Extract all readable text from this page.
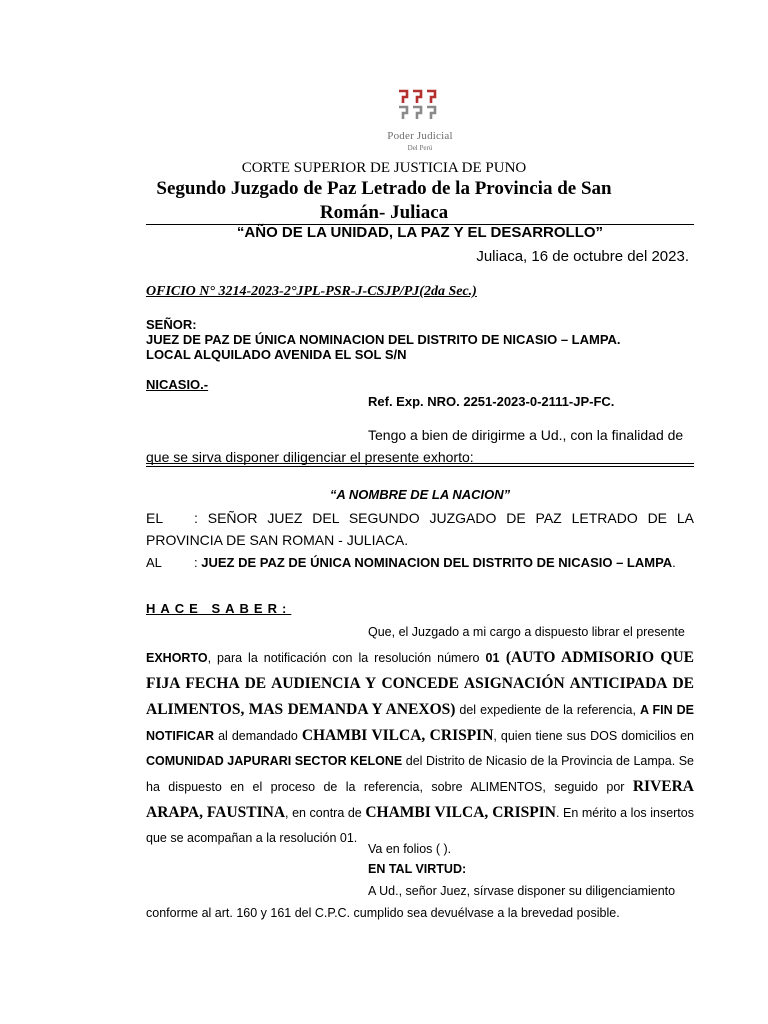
Poder Judicial
Del Perú
CORTE SUPERIOR DE JUSTICIA DE PUNO
Segundo Juzgado de Paz Letrado de la Provincia de San
Román- Juliaca
“AÑO DE LA UNIDAD, LA PAZ Y EL DESARROLLO”
Juliaca, 16 de octubre del 2023.
OFICIO N° 3214-2023-2°JPL-PSR-J-CSJP/PJ(2da Sec.)
SEÑOR:
JUEZ DE PAZ DE ÚNICA NOMINACION DEL DISTRITO DE NICASIO – LAMPA.
LOCAL ALQUILADO AVENIDA EL SOL S/N
NICASIO.-
Ref. Exp. NRO. 2251-2023-0-2111-JP-FC.
Tengo a bien de dirigirme a Ud., con la finalidad de
que se sirva disponer diligenciar el presente exhorto:
“A NOMBRE DE LA NACION”
EL : SEÑOR JUEZ DEL SEGUNDO JUZGADO DE PAZ LETRADO DE LA PROVINCIA DE SAN ROMAN - JULIACA.
AL : JUEZ DE PAZ DE ÚNICA NOMINACION DEL DISTRITO DE NICASIO – LAMPA.
HACE SABER:
Que, el Juzgado a mi cargo a dispuesto librar el presente
EXHORTO, para la notificación con la resolución número 01 (AUTO ADMISORIO QUE FIJA FECHA DE AUDIENCIA Y CONCEDE ASIGNACIÓN ANTICIPADA DE ALIMENTOS, MAS DEMANDA Y ANEXOS) del expediente de la referencia, A FIN DE NOTIFICAR al demandado CHAMBI VILCA, CRISPIN, quien tiene sus DOS domicilios en COMUNIDAD JAPURARI SECTOR KELONE del Distrito de Nicasio de la Provincia de Lampa. Se ha dispuesto en el proceso de la referencia, sobre ALIMENTOS, seguido por RIVERA ARAPA, FAUSTINA, en contra de CHAMBI VILCA, CRISPIN. En mérito a los insertos que se acompañan a la resolución 01.
Va en folios ( ).
EN TAL VIRTUD:
A Ud., señor Juez, sírvase disponer su diligenciamiento
conforme al art. 160 y 161 del C.P.C. cumplido sea devuélvase a la brevedad posible.
